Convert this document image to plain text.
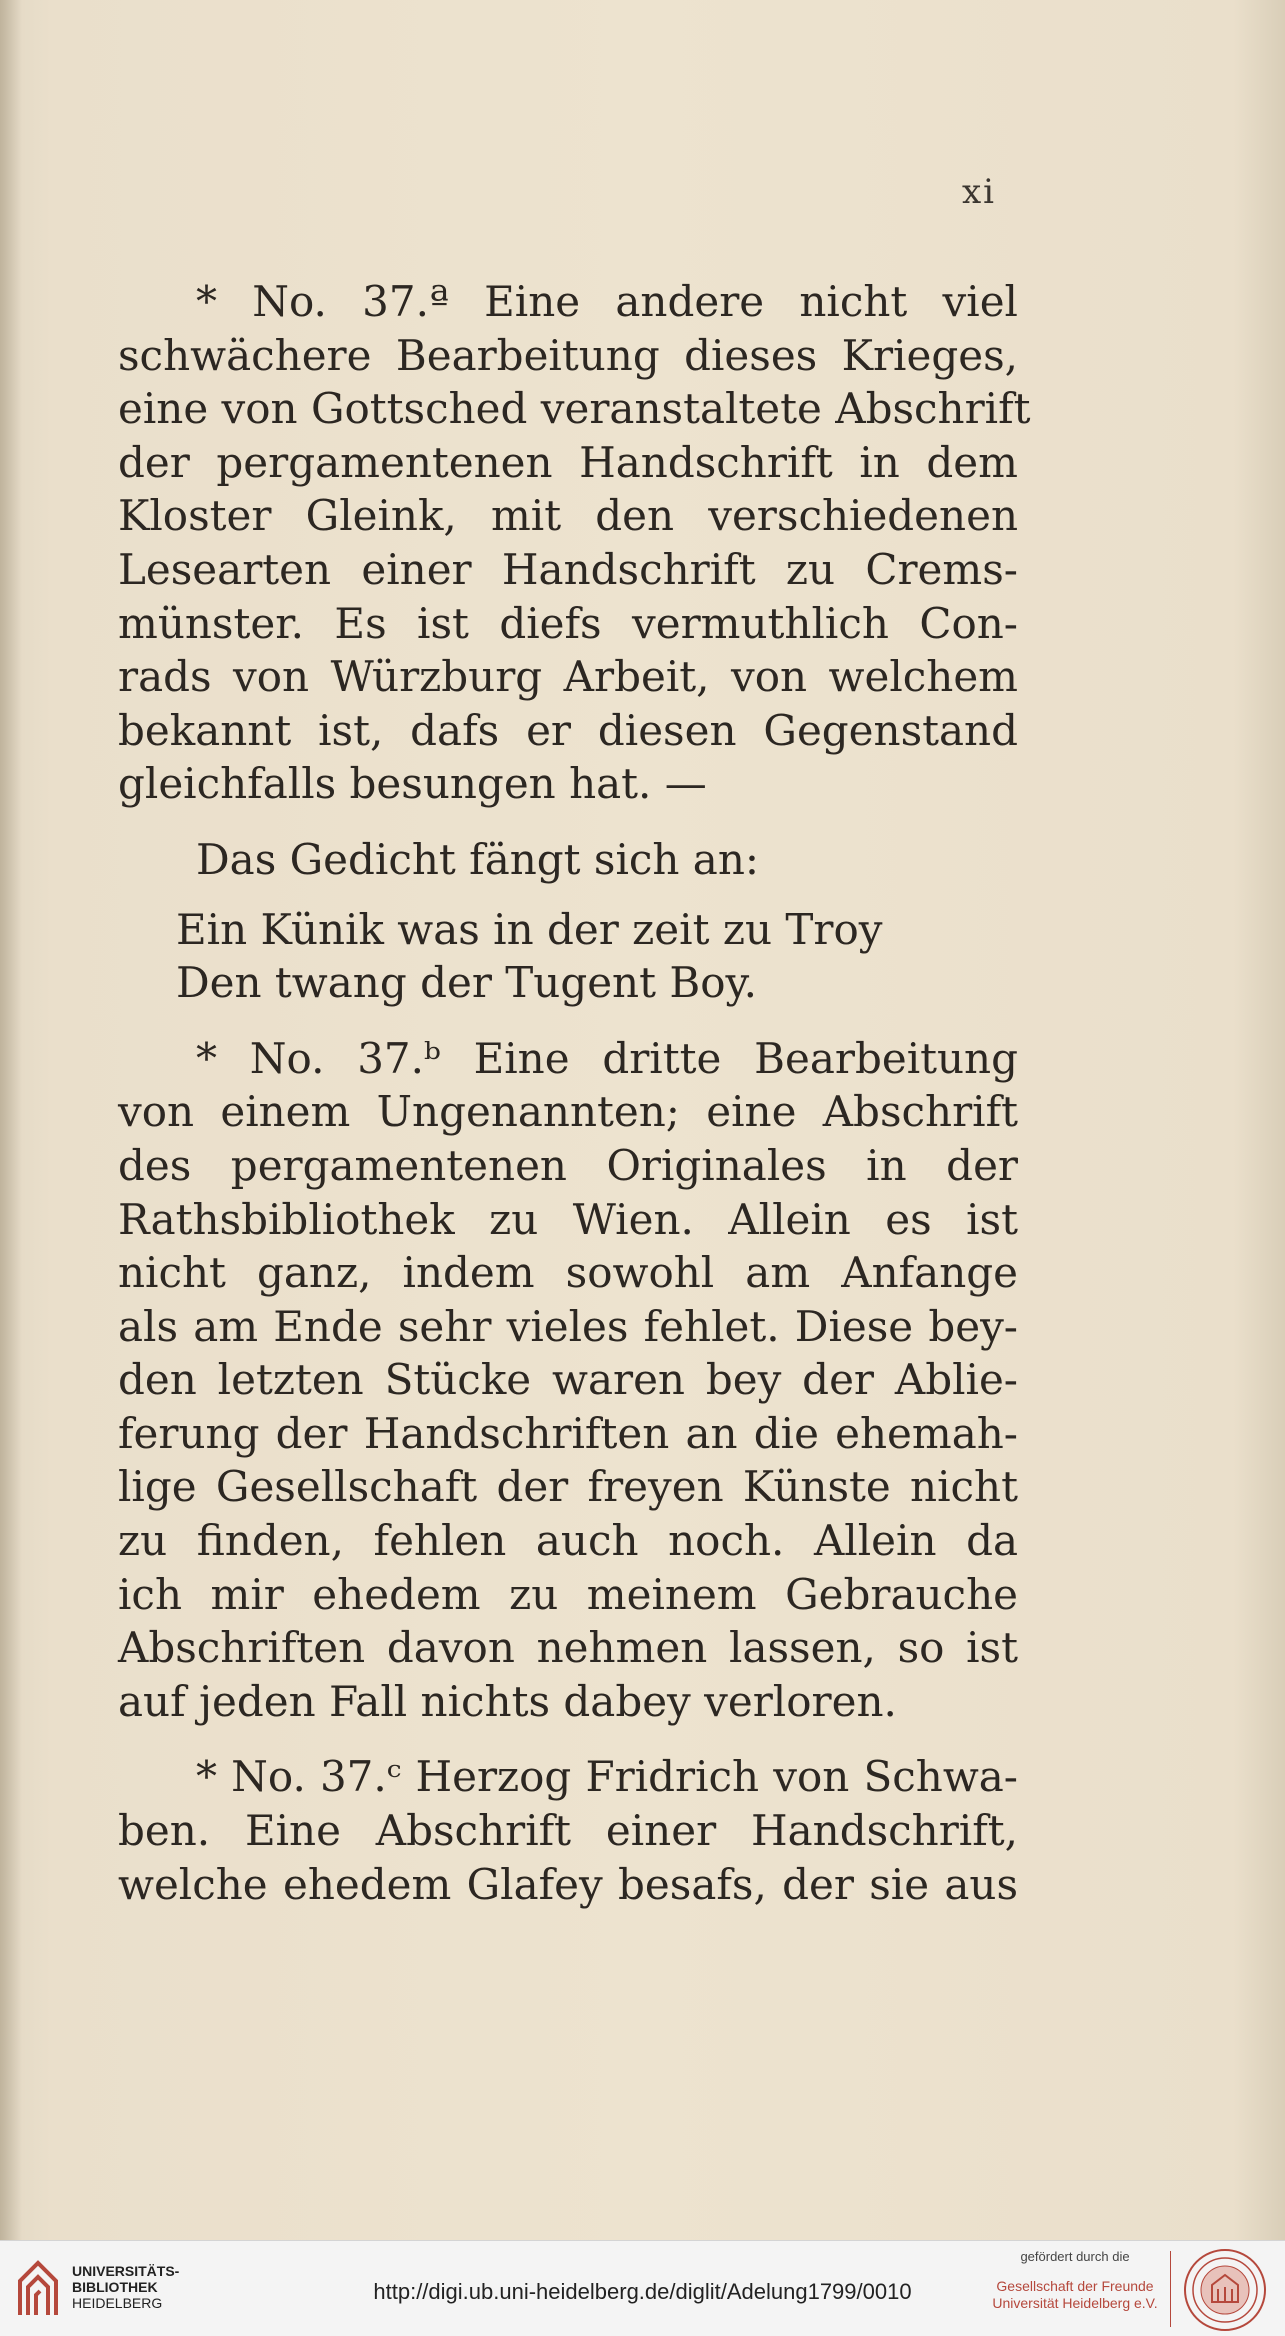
xi
* No. 37.ª Eine andere nicht viel
schwächere Bearbeitung dieses Krieges,
eine von Gottsched veranstaltete Abschrift
der pergamentenen Handschrift in dem
Kloster Gleink, mit den verschiedenen
Lesearten einer Handschrift zu Crems-
münster. Es ist diefs vermuthlich Con-
rads von Würzburg Arbeit, von welchem
bekannt ist, dafs er diesen Gegenstand
gleichfalls besungen hat. —
Das Gedicht fängt sich an:
Ein Künik was in der zeit zu Troy
Den twang der Tugent Boy.
* No. 37.ᵇ Eine dritte Bearbeitung
von einem Ungenannten; eine Abschrift
des pergamentenen Originales in der
Rathsbibliothek zu Wien. Allein es ist
nicht ganz, indem sowohl am Anfange
als am Ende sehr vieles fehlet. Diese bey-
den letzten Stücke waren bey der Ablie-
ferung der Handschriften an die ehemah-
lige Gesellschaft der freyen Künste nicht
zu finden, fehlen auch noch. Allein da
ich mir ehedem zu meinem Gebrauche
Abschriften davon nehmen lassen, so ist
auf jeden Fall nichts dabey verloren.
* No. 37.ᶜ Herzog Fridrich von Schwa-
ben. Eine Abschrift einer Handschrift,
welche ehedem Glafey besafs, der sie aus
UNIVERSITÄTS-
BIBLIOTHEK
HEIDELBERG	http://digi.ub.uni-heidelberg.de/diglit/Adelung1799/0010
gefördert durch die
Gesellschaft der Freunde
Universität Heidelberg e.V.
